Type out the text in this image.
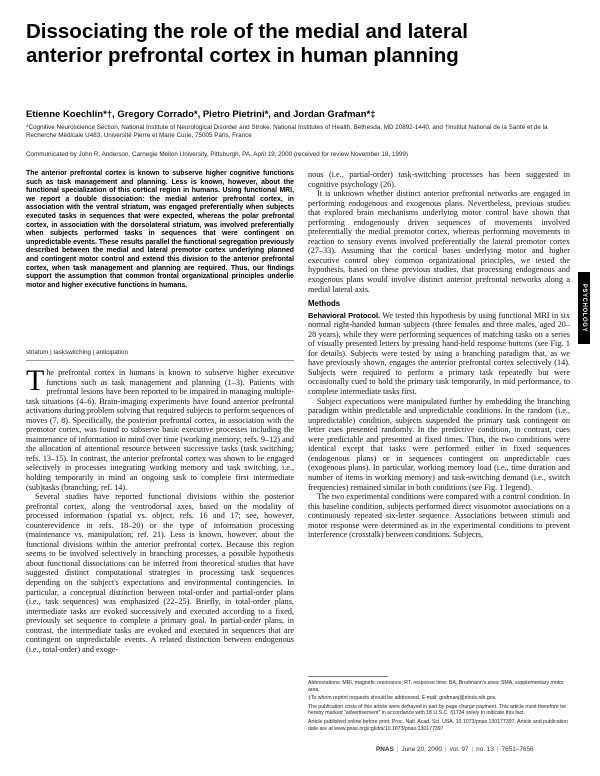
Dissociating the role of the medial and lateral anterior prefrontal cortex in human planning
Etienne Koechlin*†, Gregory Corrado*, Pietro Pietrini*, and Jordan Grafman*‡
*Cognitive Neuroscience Section, National Institute of Neurological Disorder and Stroke, National Institutes of Health, Bethesda, MD 20892-1440; and †Institut National de la Santé et de la Recherche Médicale U483, Université Pierre et Marie Curie, 75005 Paris, France
Communicated by John R. Anderson, Carnegie Mellon University, Pittsburgh, PA, April 19, 2000 (received for review November 18, 1999)

The anterior prefrontal cortex is known to subserve higher cognitive functions such as task management and planning. Less is known, however, about the functional specialization of this cortical region in humans. Using functional MRI, we report a double dissociation: the medial anterior prefrontal cortex, in association with the ventral striatum, was engaged preferentially when subjects executed tasks in sequences that were expected, whereas the polar prefrontal cortex, in association with the dorsolateral striatum, was involved preferentially when subjects performed tasks in sequences that were contingent on unpredictable events. These results parallel the functional segregation previously described between the medial and lateral premotor cortex underlying planned and contingent motor control and extend this division to the anterior prefrontal cortex, when task management and planning are required. Thus, our findings support the assumption that common frontal organizational principles underlie motor and higher executive functions in humans.

striatum | taskswitching | anticipation

The prefrontal cortex in humans is known to subserve higher executive functions such as task management and planning (1–3). Patients with prefrontal lesions have been reported to be impaired in managing multiple-task situations (4–6). Brain-imaging experiments have found anterior prefrontal activations during problem solving that required subjects to perform sequences of moves (7, 8). Specifically, the posterior prefrontal cortex, in association with the premotor cortex, was found to subserve basic executive processes including the maintenance of information in mind over time (working memory; refs. 9–12) and the allocation of attentional resource between successive tasks (task switching; refs. 13–15). In contrast, the anterior prefrontal cortex was shown to be engaged selectively in processes integrating working memory and task switching, i.e., holding temporarily in mind an ongoing task to complete first intermediate (sub)tasks (branching; ref. 14).

Several studies have reported functional divisions within the posterior prefrontal cortex, along the ventrodorsal axes, based on the modality of processed information (spatial vs. object, refs. 16 and 17; see, however, counterevidence in refs. 18–20) or the type of information processing (maintenance vs. manipulation; ref. 21). Less is known, however, about the functional divisions within the anterior prefrontal cortex. Because this region seems to be involved selectively in branching processes, a possible hypothesis about functional dissociations can be inferred from theoretical studies that have suggested distinct computational strategies in processing task sequences depending on the subject's expectations and environmental contingencies. In particular, a conceptual distinction between total-order and partial-order plans (i.e., task sequences) was emphasized (22–25). Briefly, in total-order plans, intermediate tasks are evoked successively and executed according to a fixed, previously set sequence to complete a primary goal. In partial-order plans, in contrast, the intermediate tasks are evoked and executed in sequences that are contingent on unpredictable events. A related distinction between endogenous (i.e., total-order) and exoge-

nous (i.e., partial-order) task-switching processes has been suggested in cognitive psychology (26).

It is unknown whether distinct anterior prefrontal networks are engaged in performing endogenous and exogenous plans. Nevertheless, previous studies that explored brain mechanisms underlying motor control have shown that performing endogenously driven sequences of movements involved preferentially the medial premotor cortex, whereas performing movements in reaction to sensory events involved preferentially the lateral premotor cortex (27–33). Assuming that the cortical bases underlying motor and higher executive control obey common organizational principles, we tested the hypothesis, based on these previous studies, that processing endogenous and exogenous plans would involve distinct anterior prefrontal networks along a medial lateral axis.

Methods

Behavioral Protocol. We tested this hypothesis by using functional MRI in six normal right-handed human subjects (three females and three males, aged 20–28 years), while they were performing sequences of matching tasks on a series of visually presented letters by pressing hand-held response buttons (see Fig. 1 for details). Subjects were tested by using a branching paradigm that, as we have previously shown, engages the anterior prefrontal cortex selectively (14). Subjects were required to perform a primary task repeatedly but were occasionally cued to hold the primary task temporarily, in mid performance, to complete intermediate tasks first.

Subject expectations were manipulated further by embedding the branching paradigm within predictable and unpredictable conditions. In the random (i.e., unpredictable) condition, subjects suspended the primary task contingent on letter cues presented randomly. In the predictive condition, in contrast, cues were predictable and presented at fixed times. Thus, the two conditions were identical except that tasks were performed either in fixed sequences (endogenous plans) or in sequences contingent on unpredictable cues (exogenous plans). In particular, working memory load (i.e., time duration and number of items in working memory) and task-switching demand (i.e., switch frequencies) remained similar in both conditions (see Fig. 1 legend).

The two experimental conditions were compared with a control condition. In this baseline condition, subjects performed direct visuomotor associations on a continuously repeated six-letter sequence. Associations between stimuli and motor response were determined as in the experimental conditions to prevent interference (crosstalk) between conditions. Subjects,

Abbreviations: MRI, magnetic resonance; RT, response time; BA, Brodmann's area; SMA, supplementary motor area.

‡To whom reprint requests should be addressed. E-mail: grafmanj@ninds.nih.gov.

The publication costs of this article were defrayed in part by page charge payment. This article must therefore be hereby marked "advertisement" in accordance with 18 U.S.C. §1734 solely to indicate this fact.

Article published online before print: Proc. Natl. Acad. Sci. USA, 10.1073/pnas.130177397. Article and publication date are at www.pnas.org/cgi/doi/10.1073/pnas.130177397

PSYCHOLOGY
PNAS | June 20, 2000 | vol. 97 | no. 13 | 7651–7656
